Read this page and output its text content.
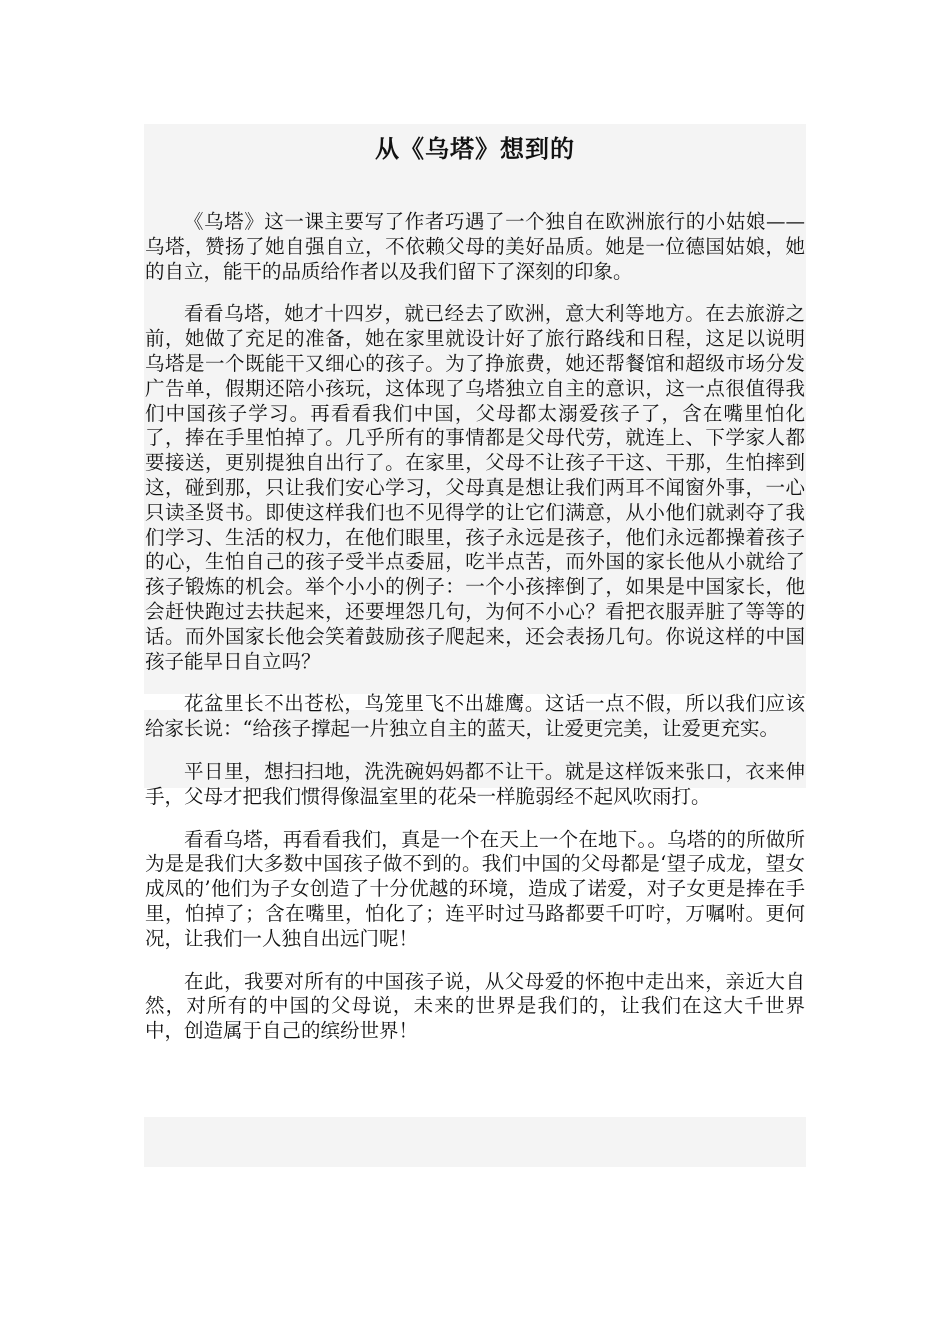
从《乌塔》想到的

《乌塔》这一课主要写了作者巧遇了一个独自在欧洲旅行的小姑娘——乌塔，赞扬了她自强自立，不依赖父母的美好品质。她是一位德国姑娘，她的自立，能干的品质给作者以及我们留下了深刻的印象。

看看乌塔，她才十四岁，就已经去了欧洲，意大利等地方。在去旅游之前，她做了充足的准备，她在家里就设计好了旅行路线和日程，这足以说明乌塔是一个既能干又细心的孩子。为了挣旅费，她还帮餐馆和超级市场分发广告单，假期还陪小孩玩，这体现了乌塔独立自主的意识，这一点很值得我们中国孩子学习。再看看我们中国，父母都太溺爱孩子了，含在嘴里怕化了，捧在手里怕掉了。几乎所有的事情都是父母代劳，就连上、下学家人都要接送，更别提独自出行了。在家里，父母不让孩子干这、干那，生怕摔到这，碰到那，只让我们安心学习，父母真是想让我们两耳不闻窗外事，一心只读圣贤书。即使这样我们也不见得学的让它们满意，从小他们就剥夺了我们学习、生活的权力，在他们眼里，孩子永远是孩子，他们永远都操着孩子的心，生怕自己的孩子受半点委屈，吃半点苦，而外国的家长他从小就给了孩子锻炼的机会。举个小小的例子：一个小孩摔倒了，如果是中国家长，他会赶快跑过去扶起来，还要埋怨几句，为何不小心？看把衣服弄脏了等等的话。而外国家长他会笑着鼓励孩子爬起来，还会表扬几句。你说这样的中国孩子能早日自立吗？

花盆里长不出苍松，鸟笼里飞不出雄鹰。这话一点不假，所以我们应该给家长说：“给孩子撑起一片独立自主的蓝天，让爱更完美，让爱更充实。

平日里，想扫扫地，洗洗碗妈妈都不让干。就是这样饭来张口，衣来伸手，父母才把我们惯得像温室里的花朵一样脆弱经不起风吹雨打。

看看乌塔，再看看我们，真是一个在天上一个在地下。。乌塔的的所做所为是是我们大多数中国孩子做不到的。我们中国的父母都是‘望子成龙，望女成凤的’他们为子女创造了十分优越的环境，造成了诺爱，对子女更是捧在手里，怕掉了；含在嘴里，怕化了；连平时过马路都要千叮咛，万嘱咐。更何况，让我们一人独自出远门呢！

在此，我要对所有的中国孩子说，从父母爱的怀抱中走出来，亲近大自然，对所有的中国的父母说，未来的世界是我们的，让我们在这大千世界中，创造属于自己的缤纷世界！
